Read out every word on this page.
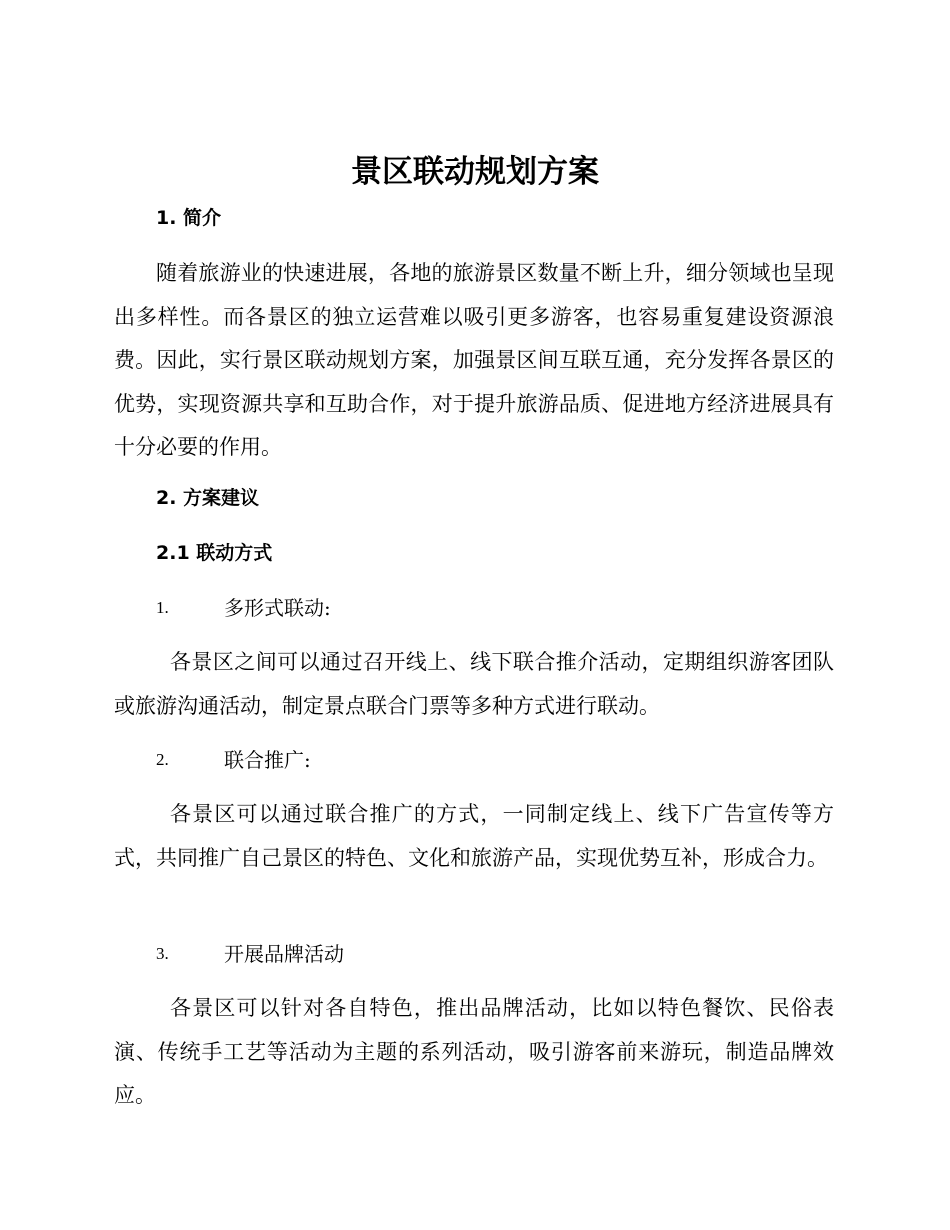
景区联动规划方案
1. 简介

随着旅游业的快速进展，各地的旅游景区数量不断上升，细分领域也呈现出多样性。而各景区的独立运营难以吸引更多游客，也容易重复建设资源浪费。因此，实行景区联动规划方案，加强景区间互联互通，充分发挥各景区的优势，实现资源共享和互助合作，对于提升旅游品质、促进地方经济进展具有十分必要的作用。

2. 方案建议
2.1 联动方式
1.	多形式联动:

各景区之间可以通过召开线上、线下联合推介活动，定期组织游客团队或旅游沟通活动，制定景点联合门票等多种方式进行联动。

2.	联合推广:

各景区可以通过联合推广的方式，一同制定线上、线下广告宣传等方式，共同推广自己景区的特色、文化和旅游产品，实现优势互补，形成合力。

3.	开展品牌活动

各景区可以针对各自特色，推出品牌活动，比如以特色餐饮、民俗表演、传统手工艺等活动为主题的系列活动，吸引游客前来游玩，制造品牌效应。
